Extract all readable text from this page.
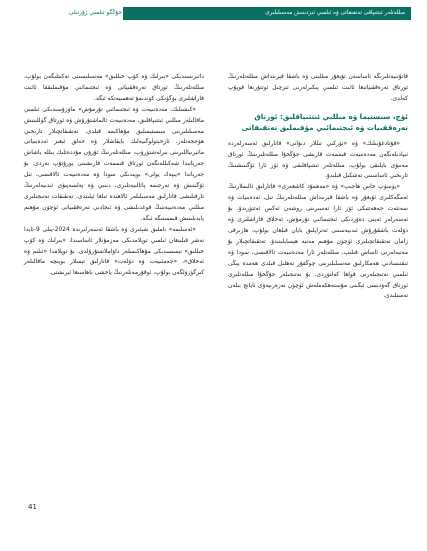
مىللەتلەر ئىتتىپاقى تەتقىقاتى ۋە ئىلمىي ئىزدىنىش مەسىلىلىرى
جۇڭگو ئىلمىي ژۇرنىلى

قانۇنىيەتلىرىگە ئاساسەن ئۇيغۇر مىللىتى ۋە باشقا قېرىنداش مىللەتلەرنىڭ ئورتاق تەرەققىياتىغا ئائىت ئىلمىي پىكىرلەرنى ئىزچىل ئوتتۇرىغا قويۇپ كەلدى.

ئۈچ، سىستېما ۋە مىللىي ئىتتىپاقلىق: ئورتاق تەرەققىيات ۋە ئىجتىمائىي مۇقىملىق تەتقىقاتى

«قۇتادغۇبىلىك» ۋە «تۈركىي تىللار دىۋانى» قاتارلىق ئەسەرلەردە ئىپادىلەنگەن مەدەنىيەت قىممەت قارىشى جۇڭخۇا مىللەتلىرىنىڭ ئورتاق مەنىۋى بايلىقى بولۇپ، مىللەتلەر ئىتتىپاقلىقى ۋە ئۆز ئارا ئۆگىنىشنىڭ تارىخىي ئاساسىنى تەشكىل قىلىدۇ.

«يۈسۈپ خاس ھاجىپ» ۋە «مەھمۇد كاشغەرى» قاتارلىق ئالىملارنىڭ ئەمگەكلىرى ئۇيغۇر ۋە باشقا قېرىنداش مىللەتلەرنىڭ تىل، ئەدەبىيات ۋە سەنئەت جەھەتتىكى ئۆز ئارا تەسىرىنى روشەن ئەكس ئەتتۈرىدۇ. بۇ ئەسەرلەر ئەينى دەۋردىكى ئىجتىمائىي تۇرمۇش، ئەخلاق قاراشلىرى ۋە دۆلەت باشقۇرۇش ئىدىيەسىنى ئەتراپلىق بايان قىلغان بولۇپ، ھازىرقى زامان تەتقىقاتچىلىرى ئۈچۈن مۇھىم مەنبە ھېسابلىنىدۇ. تەتقىقاتچىلار بۇ مەنبەلەرنى ئاساس قىلىپ، مىللەتلەر ئارا مەدەنىيەت ئالاقىسى، سودا ۋە ئىقتىسادىي ھەمكارلىق مەسىلىلىرىنى چوڭقۇر تەھلىل قىلدى ھەمدە يېڭى ئىلمىي نەتىجىلەرنى قولغا كەلتۈردى. بۇ نەتىجىلەر جۇڭخۇا مىللەتلىرى ئورتاق گەۋدىسى ئېڭىنى مۇستەھكەملەش ئۈچۈن نەزەرىيەۋى تايانچ بىلەن تەمىنلىدى.

دائىرىسىدىكى «بىرلىك ۋە كۆپ خىللىق» مەسىلىسىنى تەكىتلىگەن بولۇپ، مىللەتلەرنىڭ ئورتاق تەرەققىياتى ۋە ئىجتىمائىي مۇقىملىققا ئائىت قاراشلىرى بۈگۈنكى كۈندىمۇ ئەھمىيەتكە ئىگە.

«كىشىلىك، مەدەنىيەت ۋە ئىجتىمائىي تۇرمۇش» ماۋزۇسىدىكى ئىلمىي ماقالىلەر مىللىي ئىتتىپاقلىق، مەدەنىيەت ئالماشتۇرۇش ۋە ئورتاق گۈللىنىش مەسىلىلىرىنى سىستېمىلىق مۇھاكىمە قىلدى. تەتقىقاتچىلار تارىخىي ھۆججەتلەر، ئارخېئولوگىيەلىك بايقاشلار ۋە خەلق ئېغىز ئەدەبىياتى ماتېرىياللىرىنى بىرلەشتۈرۈپ، مىللەتلەرنىڭ ئۇزۇن مۇددەتلىك بىللە ياشاش جەريانىدا شەكىللەنگەن ئورتاق قىممەت قارىشىنى يورۇتۇپ بەردى. بۇ جەرياندا «يىپەك يولى» بويىدىكى سودا ۋە مەدەنىيەت ئالاقىسى، تىل ئۆگىنىش ۋە تەرجىمە پائالىيەتلىرى، دىنىي ۋە پەلسەپىۋى ئىدىيەلەرنىڭ تارقىلىشى قاتارلىق مەسىلىلەر ئالاھىدە تىلغا ئېلىندى. تەتقىقات نەتىجىلىرى مىللىي مەدەنىيەتنىڭ قوغدىلىشى ۋە ئىجادىي تەرەققىياتى ئۈچۈن مۇھىم پايدىلىنىش قىممىتىگە ئىگە.

«ئەسلىمە» ناملىق شېئىرى ۋە باشقا ئەسەرلىرىدە 2024-يىلى 9-ئايدا نەشر قىلىنغان ئىلمىي توپلامدىكى مەزمۇنلار ئاساسىدا، «بىرلىك ۋە كۆپ خىللىق» تېمىسىدىكى مۇھاكىمىلەر داۋاملاشتۇرۇلدى. بۇ توپلامدا «ئىلىم ۋە ئەخلاق»، «جەمئىيەت ۋە دۆلەت» قاتارلىق تېمىلار بويىچە ماقالىلەر كىرگۈزۈلگەن بولۇپ، ئوقۇرمەنلەرنىڭ ياخشى باھاسىغا ئېرىشتى.

41
